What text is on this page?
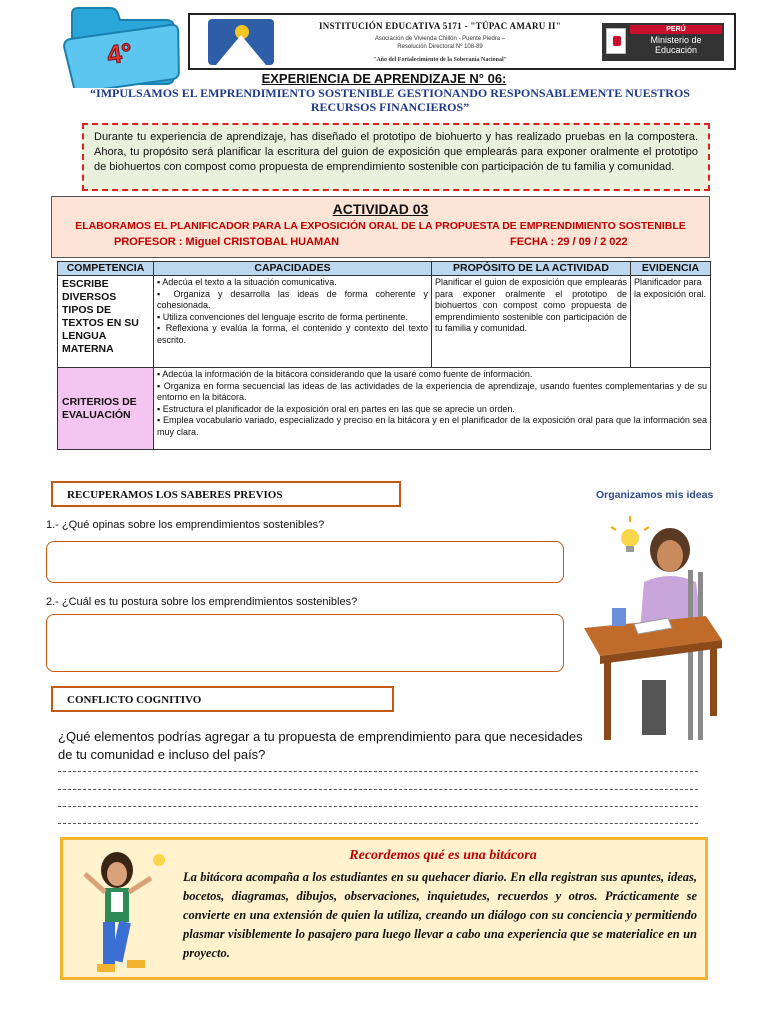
4°
INSTITUCIÓN EDUCATIVA 5171 - "TÚPAC AMARU II"
Asociación de Vivienda Chillón - Puente Piedra –
Resolución Directoral Nº 108-89
"Año del Fortalecimiento de la Soberanía Nacional"
PERÚ
Ministerio de Educación
EXPERIENCIA DE APRENDIZAJE N° 06:
“IMPULSAMOS EL EMPRENDIMIENTO SOSTENIBLE GESTIONANDO RESPONSABLEMENTE NUESTROS RECURSOS FINANCIEROS”
Durante tu experiencia de aprendizaje, has diseñado el prototipo de biohuerto y has realizado pruebas en la compostera. Ahora, tu propósito será planificar la escritura del guion de exposición que emplearás para exponer oralmente el prototipo de biohuertos con compost como propuesta de emprendimiento sostenible con participación de tu familia y comunidad.
ACTIVIDAD 03
ELABORAMOS EL PLANIFICADOR PARA LA EXPOSICIÓN ORAL DE LA PROPUESTA DE EMPRENDIMIENTO SOSTENIBLE
PROFESOR : Miguel CRISTOBAL HUAMAN	FECHA : 29 / 09 / 2 022
COMPETENCIA	CAPACIDADES	PROPÓSITO DE LA ACTIVIDAD	EVIDENCIA
ESCRIBE DIVERSOS TIPOS DE TEXTOS EN SU LENGUA MATERNA	▪ Adecúa el texto a la situación comunicativa.
▪ Organiza y desarrolla las ideas de forma coherente y cohesionada.
▪ Utiliza convenciones del lenguaje escrito de forma pertinente.
▪ Reflexiona y evalúa la forma, el contenido y contexto del texto escrito.	Planificar el guion de exposición que emplearás para exponer oralmente el prototipo de biohuertos con compost como propuesta de emprendimiento sostenible con participación de tu familia y comunidad.	Planificador para la exposición oral.
CRITERIOS DE EVALUACIÓN	▪ Adecúa la información de la bitácora considerando que la usaré como fuente de información.
▪ Organiza en forma secuencial las ideas de las actividades de la experiencia de aprendizaje, usando fuentes complementarias y de su entorno en la bitácora.
▪ Estructura el planificador de la exposición oral en partes en las que se aprecie un orden.
▪ Emplea vocabulario variado, especializado y preciso en la bitácora y en el planificador de la exposición oral para que la información sea muy clara.		
RECUPERAMOS LOS SABERES PREVIOS
1.- ¿Qué opinas sobre los emprendimientos sostenibles?
2.- ¿Cuál es tu postura sobre los emprendimientos sostenibles?
Organizamos mis ideas
CONFLICTO COGNITIVO
¿Qué elementos podrías agregar a tu propuesta de emprendimiento para que necesidades de tu comunidad e incluso del país?
Recordemos qué es una bitácora
La bitácora acompaña a los estudiantes en su quehacer diario. En ella registran sus apuntes, ideas, bocetos, diagramas, dibujos, observaciones, inquietudes, recuerdos y otros. Prácticamente se convierte en una extensión de quien la utiliza, creando un diálogo con su conciencia y permitiendo plasmar visiblemente lo pasajero para luego llevar a cabo una experiencia que se materialice en un proyecto.
